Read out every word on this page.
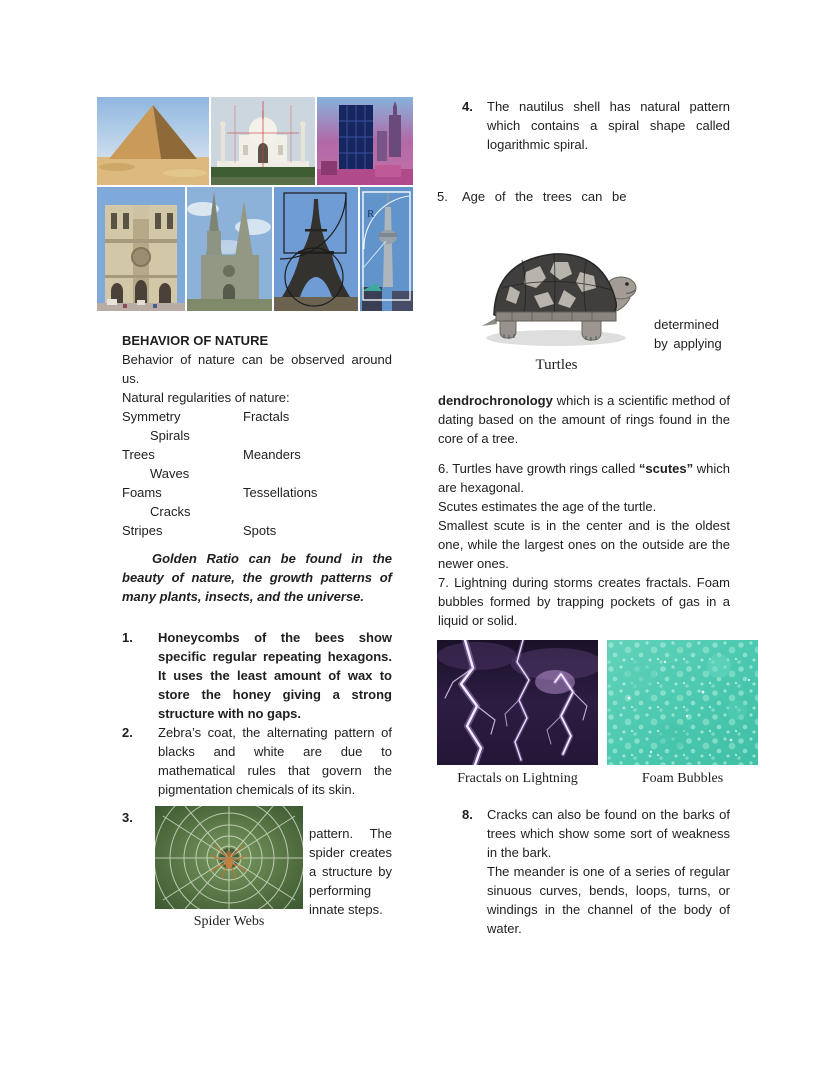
R
BEHAVIOR OF NATURE
Behavior of nature can be observed around us.
Natural regularities of nature:
Symmetry	Fractals
Spirals
Trees	Meanders
Waves
Foams	Tessellations
Cracks
Stripes	Spots
Golden Ratio can be found in the beauty of nature, the growth patterns of many plants, insects, and the universe.
1.	Honeycombs of the bees show specific regular repeating hexagons. It uses the least amount of wax to store the honey giving a strong structure with no gaps.
2.	Zebra’s coat, the alternating pattern of blacks and white are due to mathematical rules that govern the pigmentation chemicals of its skin.
3.
Spider Webs
pattern. The spider creates a structure by performing innate steps.
4.	The nautilus shell has natural pattern which contains a spiral shape called logarithmic spiral.
5.	Age of the trees can be
Turtles
determined by applying

dendrochronology which is a scientific method of dating based on the amount of rings found in the core of a tree.

6. Turtles have growth rings called “scutes” which are hexagonal.

Scutes estimates the age of the turtle.

Smallest scute is in the center and is the oldest one, while the largest ones on the outside are the newer ones.

7. Lightning during storms creates fractals. Foam bubbles formed by trapping pockets of gas in a liquid or solid.

Fractals on Lightning	Foam Bubbles
8.	Cracks can also be found on the barks of trees which show some sort of weakness in the bark.

The meander is one of a series of regular sinuous curves, bends, loops, turns, or windings in the channel of the body of water.
